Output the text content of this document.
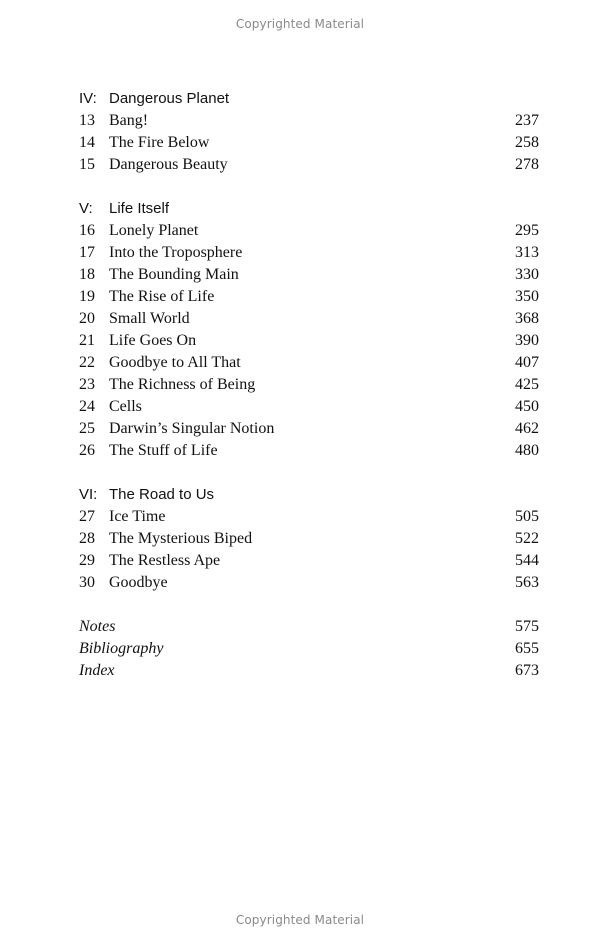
Copyrighted Material
IV: Dangerous Planet
13 Bang!	237
14 The Fire Below	258
15 Dangerous Beauty	278
V:	Life Itself
16 Lonely Planet	295
17 Into the Troposphere	313
18 The Bounding Main	330
19 The Rise of Life	350
20 Small World	368
21 Life Goes On	390
22 Goodbye to All That	407
23 The Richness of Being	425
24 Cells	450
25 Darwin’s Singular Notion	462
26 The Stuff of Life	480
VI: The Road to Us
27 Ice Time	505
28 The Mysterious Biped	522
29 The Restless Ape	544
30 Goodbye	563
Notes	575
Bibliography	655
Index	673
Copyrighted Material
